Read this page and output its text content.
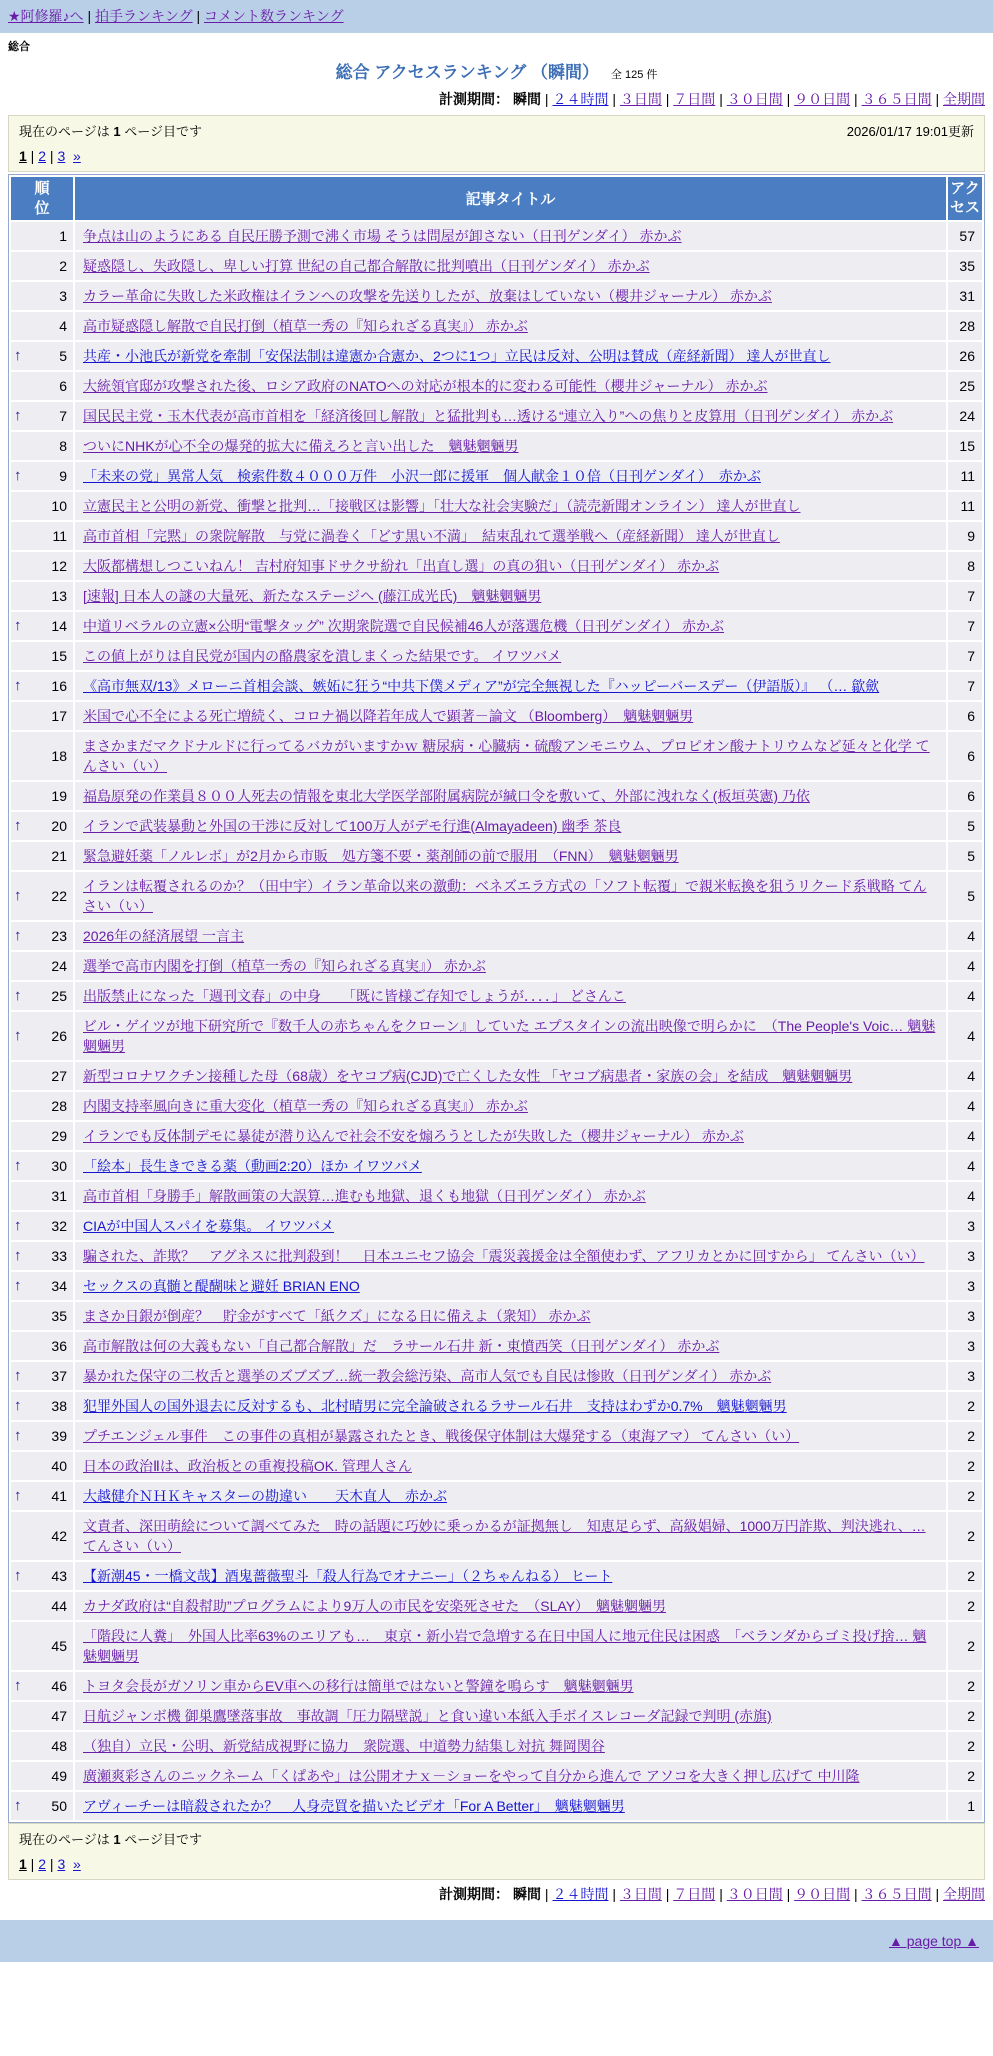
★阿修羅♪へ | 拍手ランキング | コメント数ランキング
総合
総合 アクセスランキング （瞬間） 全 125 件
計測期間： 瞬間 | ２４時間 | ３日間 | ７日間 | ３０日間 | ９０日間 | ３６５日間 | 全期間
現在のページは 1 ページ目です	2026/01/17 19:01更新
1 | 2 | 3 »
順位	記事タイトル	アクセス
1	争点は山のようにある 自民圧勝予測で沸く市場 そうは問屋が卸さない（日刊ゲンダイ） 赤かぶ	57
2	疑惑隠し、失政隠し、卑しい打算 世紀の自己都合解散に批判噴出（日刊ゲンダイ） 赤かぶ	35
3	カラー革命に失敗した米政権はイランへの攻撃を先送りしたが、放棄はしていない（櫻井ジャーナル） 赤かぶ	31
4	高市疑惑隠し解散で自民打倒（植草一秀の『知られざる真実』） 赤かぶ	28

↑ 5	共産・小池氏が新党を牽制「安保法制は違憲か合憲か、2つに1つ」立民は反対、公明は賛成（産経新聞） 達人が世直し	26
6	大統領官邸が攻撃された後、ロシア政府のNATOへの対応が根本的に変わる可能性（櫻井ジャーナル） 赤かぶ	25

↑ 7	国民民主党・玉木代表が高市首相を「経済後回し解散」と猛批判も…透ける“連立入り”への焦りと皮算用（日刊ゲンダイ） 赤かぶ	24
8	ついにNHKが心不全の爆発的拡大に備えろと言い出した　魑魅魍魎男	15

↑ 9	「未来の党」異常人気　検索件数４０００万件　小沢一郎に援軍　個人献金１０倍（日刊ゲンダイ）　赤かぶ	11
10	立憲民主と公明の新党、衝撃と批判…「接戦区は影響」「壮大な社会実験だ」（読売新聞オンライン） 達人が世直し	11
11	高市首相「完黙」の衆院解散　与党に渦巻く「どす黒い不満」　結束乱れて選挙戦へ（産経新聞） 達人が世直し	9
12	大阪都構想しつこいねん！ 吉村府知事ドサクサ紛れ「出直し選」の真の狙い（日刊ゲンダイ） 赤かぶ	8
13	[速報] 日本人の謎の大量死、新たなステージへ (藤江成光氏)　魑魅魍魎男	7

↑ 14	中道リベラルの立憲×公明“電撃タッグ” 次期衆院選で自民候補46人が落選危機（日刊ゲンダイ） 赤かぶ	7
15	この値上がりは自民党が国内の酪農家を潰しまくった結果です。 イワツバメ	7

↑ 16	《高市無双/13》メローニ首相会談、嫉妬に狂う“中共下僕メディア”が完全無視した『ハッピーバースデー（伊語版）』 （… 歙歛	7
17	米国で心不全による死亡増続く、コロナ禍以降若年成人で顕著－論文 （Bloomberg）　魑魅魍魎男	6
18	まさかまだマクドナルドに行ってるバカがいますかｗ 糖尿病・心臓病・硫酸アンモニウム、プロピオン酸ナトリウムなど延々と化学 てんさい（い）	6
19	福島原発の作業員８００人死去の情報を東北大学医学部附属病院が緘口令を敷いて、外部に洩れなく(板垣英憲) 乃依	6

↑ 20	イランで武装暴動と外国の干渉に反対して100万人がデモ行進(Almayadeen) 幽季 茶良	5
21	緊急避妊薬「ノルレボ」が2月から市販　処方箋不要・薬剤師の前で服用　（FNN）　魑魅魍魎男	5

↑ 22	イランは転覆されるのか？（田中宇）イラン革命以来の激動：ベネズエラ方式の「ソフト転覆」で親米転換を狙うリクード系戦略 てんさい（い）	5

↑ 23	2026年の経済展望 一言主	4
24	選挙で高市内閣を打倒（植草一秀の『知られざる真実』） 赤かぶ	4

↑ 25	出版禁止になった「週刊文春」の中身　　「既に皆様ご存知でしょうが．．．．」 どさんこ	4

↑ 26	ビル・ゲイツが地下研究所で『数千人の赤ちゃんをクローン』していた エプスタインの流出映像で明らかに　（The People's Voic… 魑魅魍魎男	4
27	新型コロナワクチン接種した母（68歳）をヤコブ病(CJD)で亡くした女性 「ヤコブ病患者・家族の会」を結成　魑魅魍魎男	4
28	内閣支持率風向きに重大変化（植草一秀の『知られざる真実』） 赤かぶ	4
29	イランでも反体制デモに暴徒が潜り込んで社会不安を煽ろうとしたが失敗した（櫻井ジャーナル） 赤かぶ	4

↑ 30	「絵本」長生きできる薬（動画2:20）ほか イワツバメ	4
31	高市首相「身勝手」解散画策の大誤算…進むも地獄、退くも地獄（日刊ゲンダイ） 赤かぶ	4

↑ 32	CIAが中国人スパイを募集。 イワツバメ	3

↑ 33	騙された、詐欺？　アグネスに批判殺到！　日本ユニセフ協会「震災義援金は全額使わず、アフリカとかに回すから」 てんさい（い）	3

↑ 34	セックスの真髄と醍醐味と避妊 BRIAN ENO	3
35	まさか日銀が倒産？　貯金がすべて「紙クズ」になる日に備えよ（衆知） 赤かぶ	3
36	高市解散は何の大義もない「自己都合解散」だ　ラサール石井 新・東憤西笑（日刊ゲンダイ） 赤かぶ	3

↑ 37	暴かれた保守の二枚舌と選挙のズブズブ…統一教会総汚染、高市人気でも自民は惨敗（日刊ゲンダイ） 赤かぶ	3

↑ 38	犯罪外国人の国外退去に反対するも、北村晴男に完全論破されるラサール石井　支持はわずか0.7%　魑魅魍魎男	2

↑ 39	プチエンジェル事件　この事件の真相が暴露されたとき、戦後保守体制は大爆発する（東海アマ） てんさい（い）	2
40	日本の政治Ⅱは、政治板との重複投稿OK. 管理人さん	2

↑ 41	大越健介ＮＨＫキャスターの勘違い　　天木直人　赤かぶ	2
42	文責者、深田萌絵について調べてみた　時の話題に巧妙に乗っかるが証拠無し　知恵足らず、高級娼婦、1000万円詐欺、判決逃れ、… てんさい（い）	2

↑ 43	【新潮45・一橋文哉】酒鬼薔薇聖斗「殺人行為でオナニー」（２ちゃんねる） ヒート	2
44	カナダ政府は“自殺幇助”プログラムにより9万人の市民を安楽死させた　（SLAY）　魑魅魍魎男	2
45	「階段に人糞」　外国人比率63%のエリアも…　東京・新小岩で急増する在日中国人に地元住民は困惑　「ベランダからゴミ投げ捨… 魑魅魍魎男	2

↑ 46	トヨタ会長がガソリン車からEV車への移行は簡単ではないと警鐘を鳴らす　魑魅魍魎男	2
47	日航ジャンボ機 御巣鷹墜落事故　事故調「圧力隔壁説」と食い違い本紙入手ボイスレコーダ記録で判明 (赤旗)	2
48	（独自）立民・公明、新党結成視野に協力　衆院選、中道勢力結集し対抗 舞岡関谷	2
49	廣瀬爽彩さんのニックネーム「くぱあや」は公開オナｘ－ショーをやって自分から進んで アソコを大きく押し広げて 中川隆	2

↑ 50	アヴィーチーは暗殺されたか？　人身売買を描いたビデオ「For A Better」　魑魅魍魎男	1
現在のページは 1 ページ目です
1 | 2 | 3 »
計測期間： 瞬間 | ２４時間 | ３日間 | ７日間 | ３０日間 | ９０日間 | ３６５日間 | 全期間
▲ page top ▲
